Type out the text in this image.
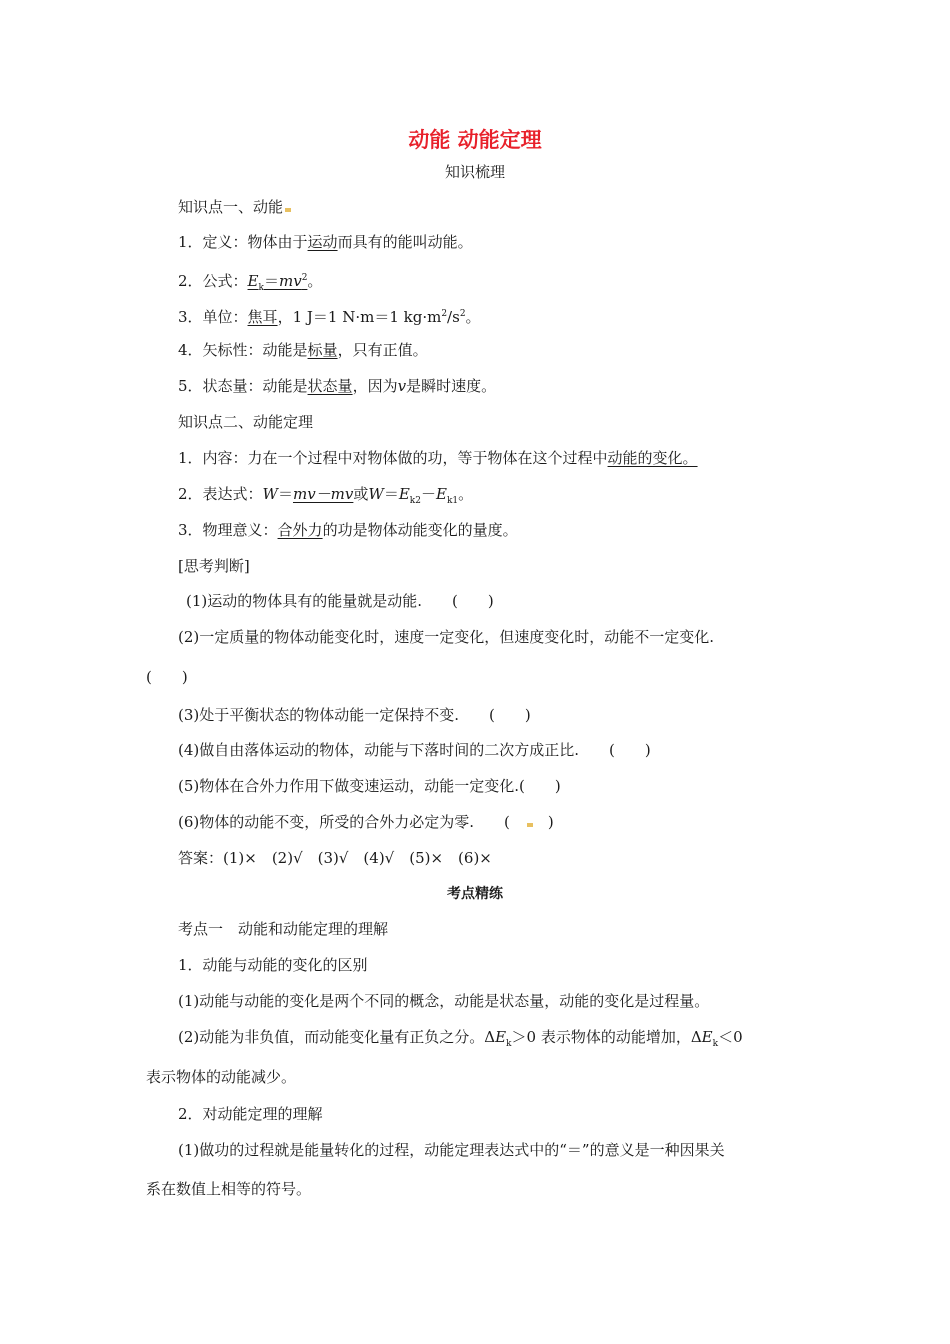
动能 动能定理
知识梳理
知识点一、动能
1．定义：物体由于运动而具有的能叫动能。
2．公式：$E_k=mv^2$。
3．单位：焦耳，1 J＝1 N·m＝1 $kg\cdot m^2/s^2$。
4．矢标性：动能是标量，只有正值。
5．状态量：动能是状态量，因为v是瞬时速度。
知识点二、动能定理
1．内容：力在一个过程中对物体做的功，等于物体在这个过程中动能的变化。
2．表达式：W＝mv－mv或$W=E_{k2}-E_{k1}$。
3．物理意义：合外力的功是物体动能变化的量度。
[思考判断]
(1)运动的物体具有的能量就是动能.　　(　　)
(2)一定质量的物体动能变化时，速度一定变化，但速度变化时，动能不一定变化.
(　　)
(3)处于平衡状态的物体动能一定保持不变.　　(　　)
(4)做自由落体运动的物体，动能与下落时间的二次方成正比.　　(　　)
(5)物体在合外力作用下做变速运动，动能一定变化.(　　)
(6)物体的动能不变，所受的合外力必定为零.　　(　　)
答案：(1)×　(2)√　(3)√　(4)√　(5)×　(6)×
考点精练
考点一　动能和动能定理的理解
1．动能与动能的变化的区别
(1)动能与动能的变化是两个不同的概念，动能是状态量，动能的变化是过程量。
(2)动能为非负值，而动能变化量有正负之分。$\Delta E_k>0$ 表示物体的动能增加，$\Delta E_k<0$
表示物体的动能减少。
2．对动能定理的理解
(1)做功的过程就是能量转化的过程，动能定理表达式中的“＝”的意义是一种因果关
系在数值上相等的符号。
